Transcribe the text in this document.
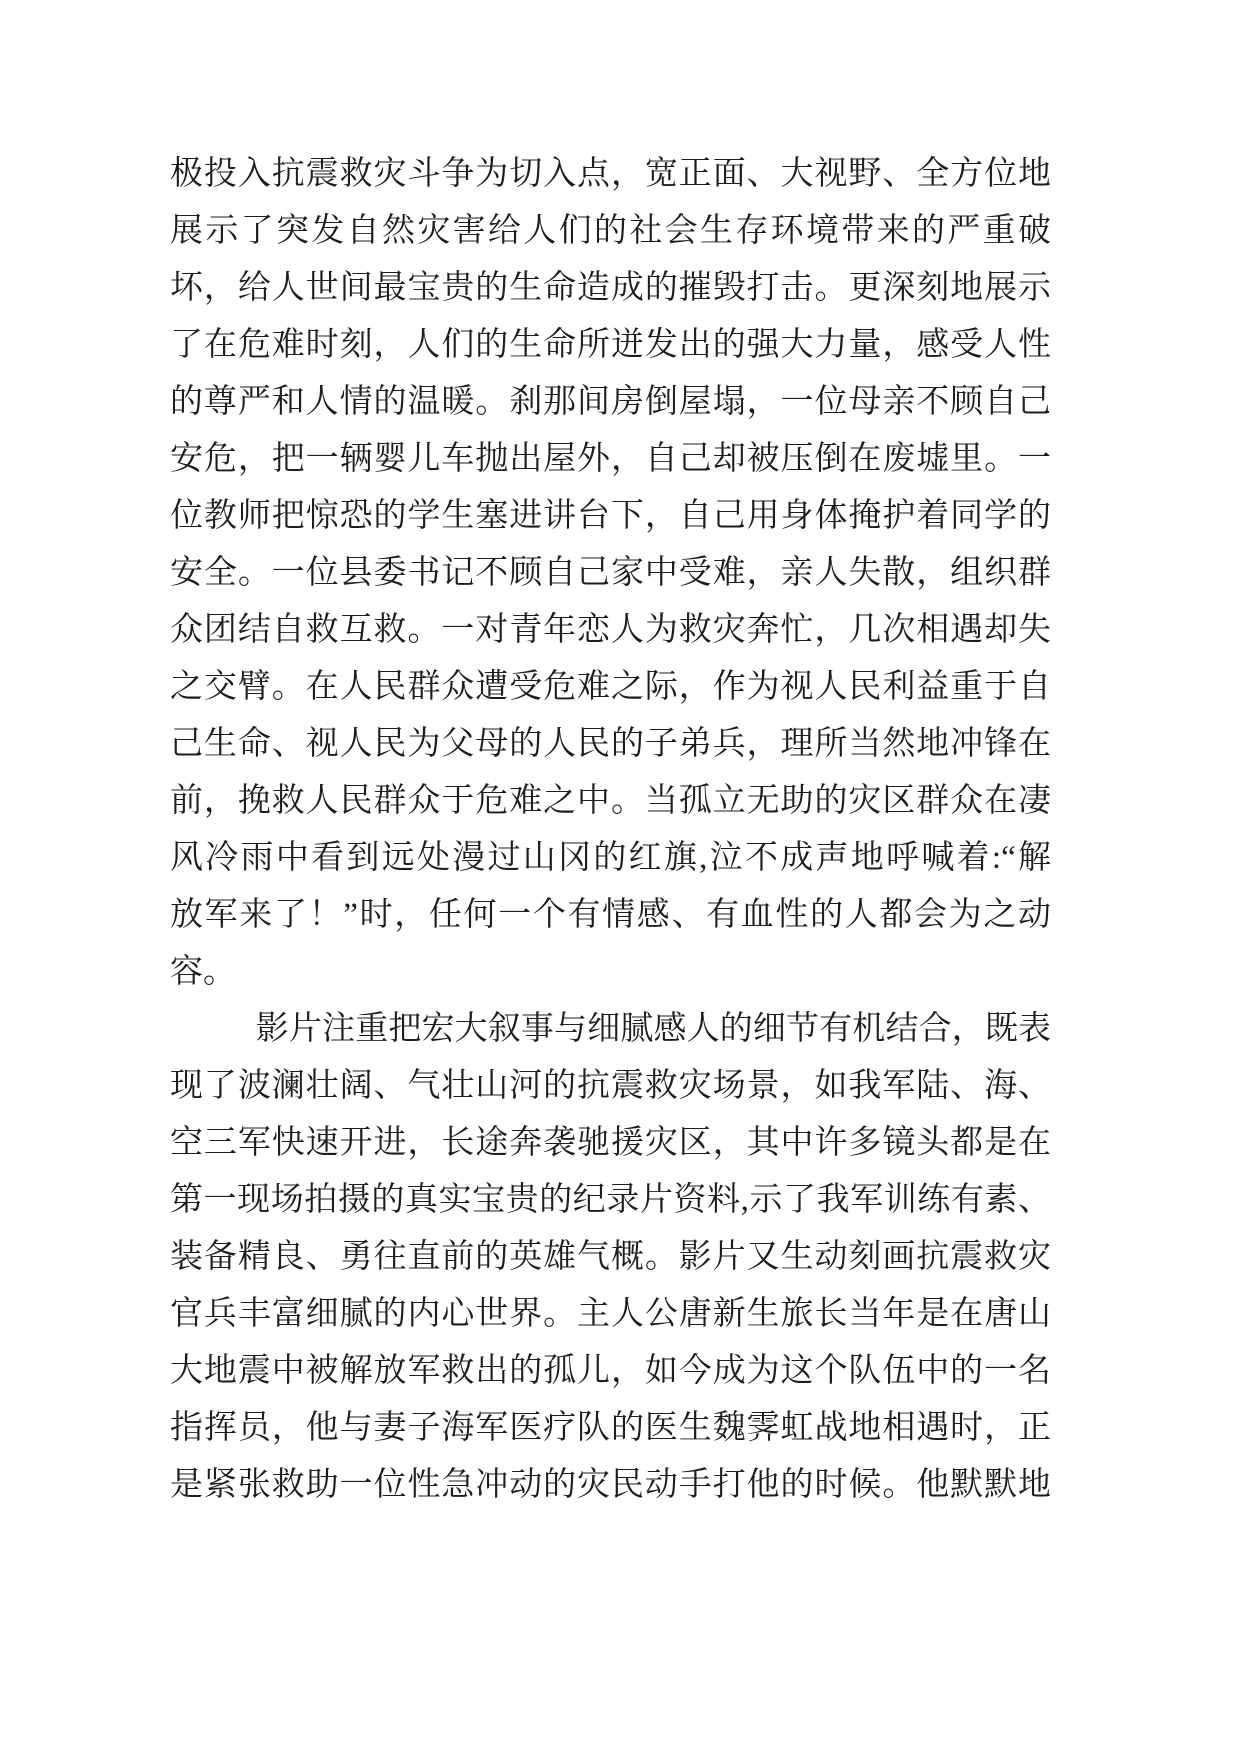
极投入抗震救灾斗争为切入点，宽正面、大视野、全方位地
展示了突发自然灾害给人们的社会生存环境带来的严重破
坏，给人世间最宝贵的生命造成的摧毁打击。更深刻地展示
了在危难时刻，人们的生命所迸发出的强大力量，感受人性
的尊严和人情的温暖。刹那间房倒屋塌，一位母亲不顾自己
安危，把一辆婴儿车抛出屋外，自己却被压倒在废墟里。一
位教师把惊恐的学生塞进讲台下，自己用身体掩护着同学的
安全。一位县委书记不顾自己家中受难，亲人失散，组织群
众团结自救互救。一对青年恋人为救灾奔忙，几次相遇却失
之交臂。在人民群众遭受危难之际，作为视人民利益重于自
己生命、视人民为父母的人民的子弟兵，理所当然地冲锋在
前，挽救人民群众于危难之中。当孤立无助的灾区群众在凄
风冷雨中看到远处漫过山冈的红旗,泣不成声地呼喊着:“解
放军来了！”时，任何一个有情感、有血性的人都会为之动
容。
影片注重把宏大叙事与细腻感人的细节有机结合，既表
现了波澜壮阔、气壮山河的抗震救灾场景，如我军陆、海、
空三军快速开进，长途奔袭驰援灾区，其中许多镜头都是在
第一现场拍摄的真实宝贵的纪录片资料,示了我军训练有素、
装备精良、勇往直前的英雄气概。影片又生动刻画抗震救灾
官兵丰富细腻的内心世界。主人公唐新生旅长当年是在唐山
大地震中被解放军救出的孤儿，如今成为这个队伍中的一名
指挥员，他与妻子海军医疗队的医生魏霁虹战地相遇时，正
是紧张救助一位性急冲动的灾民动手打他的时候。他默默地
